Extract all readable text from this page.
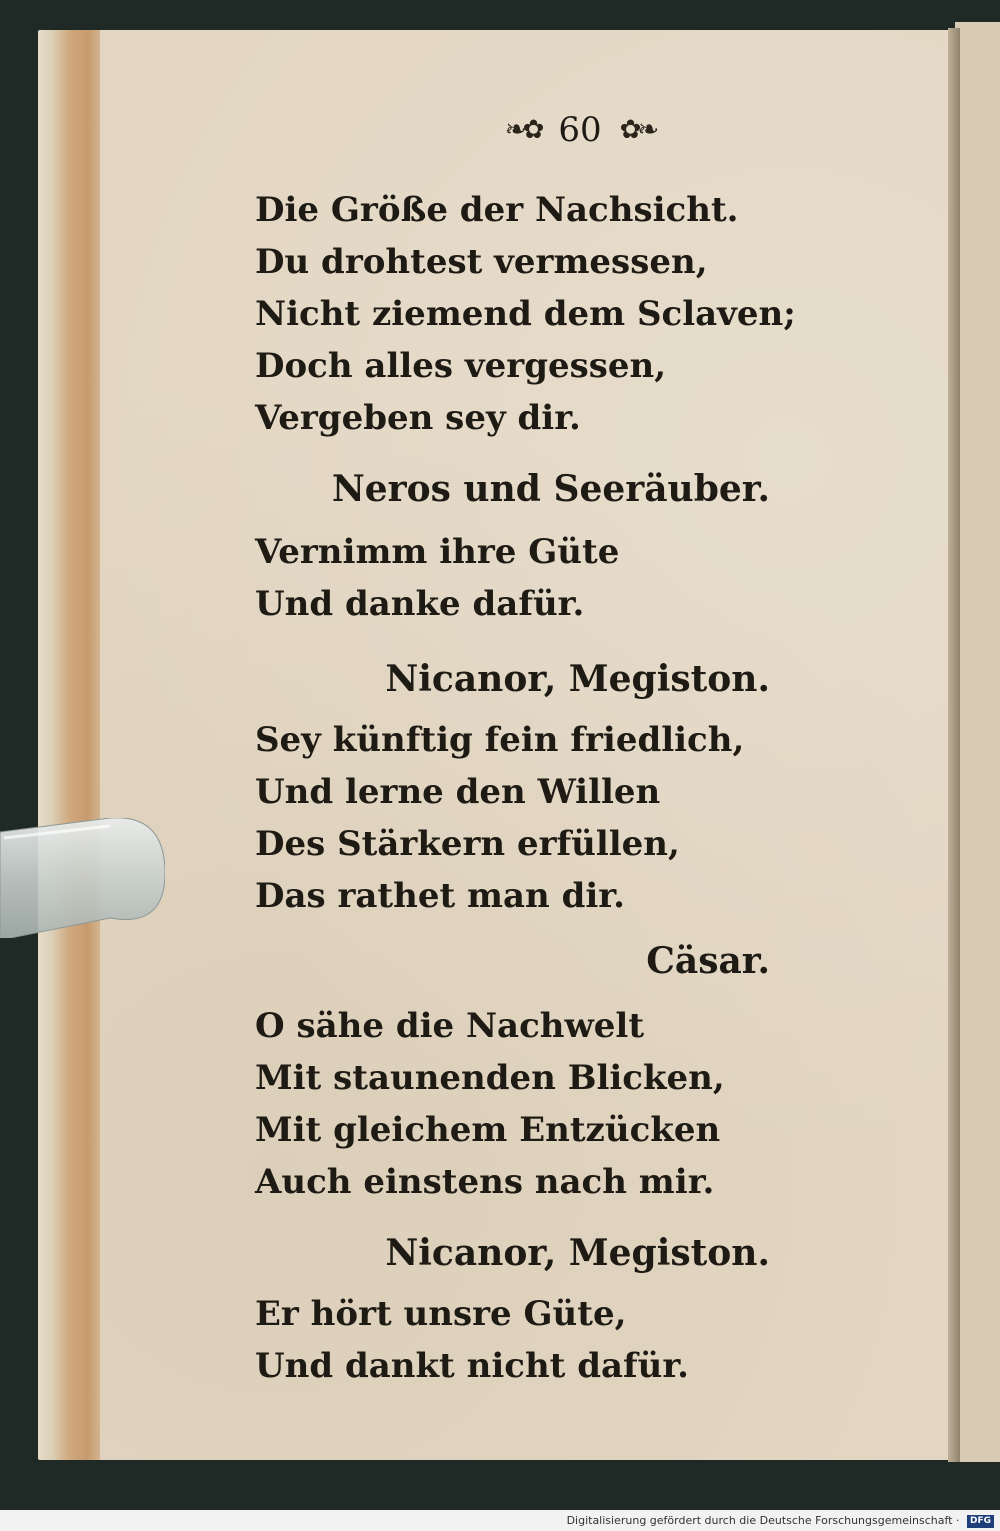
❧✿ 60 ✿❧
Die Größe der Nachsicht.
Du drohtest vermessen,
Nicht ziemend dem Sclaven;
Doch alles vergessen,
Vergeben sey dir.
Neros und Seeräuber.
Vernimm ihre Güte
Und danke dafür.
Nicanor, Megiston.
Sey künftig fein friedlich,
Und lerne den Willen
Des Stärkern erfüllen,
Das rathet man dir.
Cäsar.
O sähe die Nachwelt
Mit staunenden Blicken,
Mit gleichem Entzücken
Auch einstens nach mir.
Nicanor, Megiston.
Er hört unsre Güte,
Und dankt nicht dafür.
Digitalisierung gefördert durch die Deutsche Forschungsgemeinschaft · DFG
